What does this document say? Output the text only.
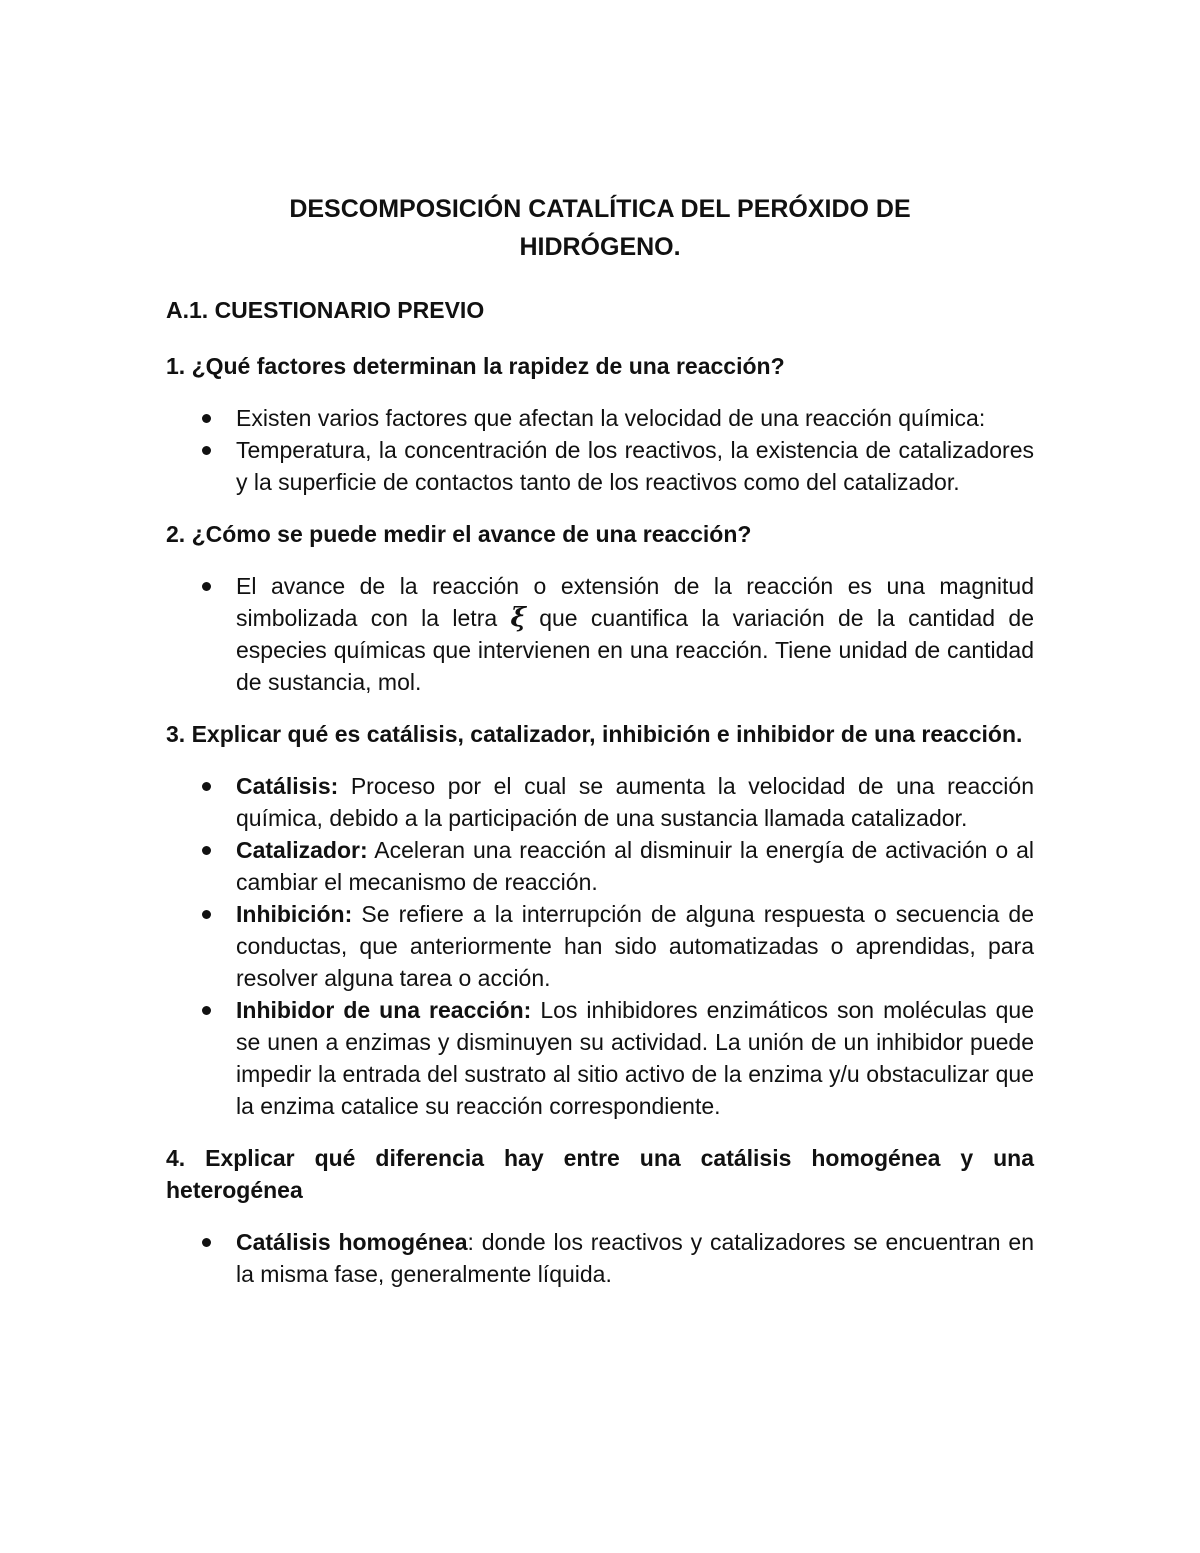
DESCOMPOSICIÓN CATALÍTICA DEL PERÓXIDO DE
HIDRÓGENO.

A.1. CUESTIONARIO PREVIO

1. ¿Qué factores determinan la rapidez de una reacción?

Existen varios factores que afectan la velocidad de una reacción química:
Temperatura, la concentración de los reactivos, la existencia de catalizadores y la superficie de contactos tanto de los reactivos como del catalizador.

2. ¿Cómo se puede medir el avance de una reacción?

El avance de la reacción o extensión de la reacción es una magnitud simbolizada con la letra ξ que cuantifica la variación de la cantidad de especies químicas que intervienen en una reacción. Tiene unidad de cantidad de sustancia, mol.

3. Explicar qué es catálisis, catalizador, inhibición e inhibidor de una reacción.

Catálisis: Proceso por el cual se aumenta la velocidad de una reacción química, debido a la participación de una sustancia llamada catalizador.
Catalizador: Aceleran una reacción al disminuir la energía de activación o al cambiar el mecanismo de reacción.
Inhibición: Se refiere a la interrupción de alguna respuesta o secuencia de conductas, que anteriormente han sido automatizadas o aprendidas, para resolver alguna tarea o acción.
Inhibidor de una reacción: Los inhibidores enzimáticos son moléculas que se unen a enzimas y disminuyen su actividad. La unión de un inhibidor puede impedir la entrada del sustrato al sitio activo de la enzima y/u obstaculizar que la enzima catalice su reacción correspondiente.

4. Explicar qué diferencia hay entre una catálisis homogénea y una heterogénea

Catálisis homogénea: donde los reactivos y catalizadores se encuentran en la misma fase, generalmente líquida.
